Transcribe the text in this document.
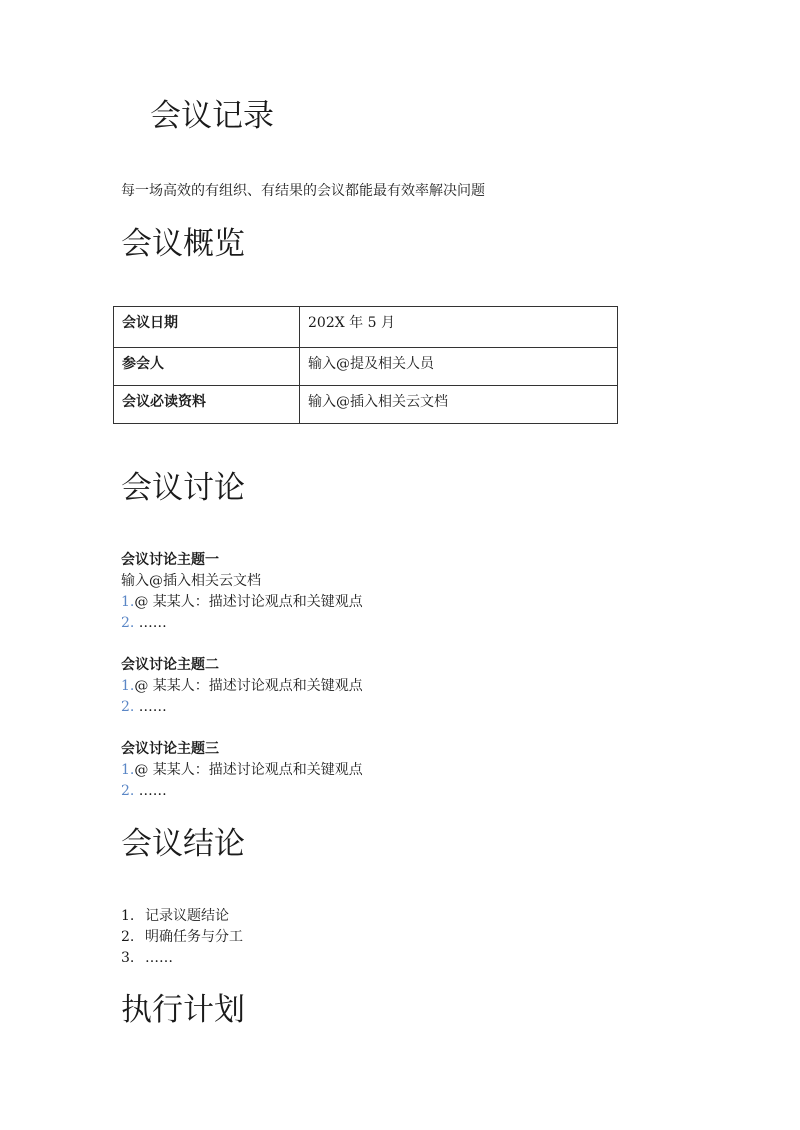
会议记录
每一场高效的有组织、有结果的会议都能最有效率解决问题
会议概览
会议日期	202X 年 5 月
参会人	输入@提及相关人员
会议必读资料	输入@插入相关云文档
会议讨论

会议讨论主题一

输入@插入相关云文档

1.@ 某某人：描述讨论观点和关键观点

2. ……

会议讨论主题二

1.@ 某某人：描述讨论观点和关键观点

2. ……

会议讨论主题三

1.@ 某某人：描述讨论观点和关键观点

2. ……

会议结论
1. 记录议题结论
2. 明确任务与分工
3. ……
执行计划
